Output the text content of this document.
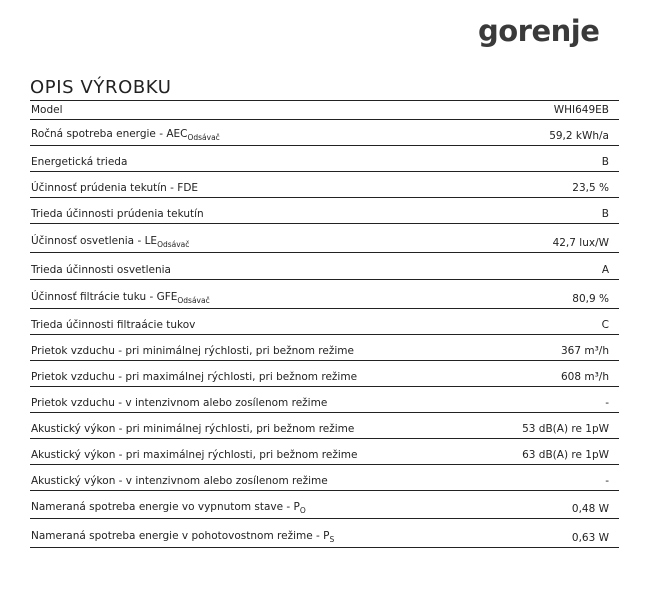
gorenje
OPIS VÝROBKU
Model	WHI649EB
Ročná spotreba energie - $AEC_{Odsávač}$	59,2 kWh/a
Energetická trieda	B
Účinnosť prúdenia tekutín - FDE	23,5 %
Trieda účinnosti prúdenia tekutín	B
Účinnosť osvetlenia - $LE_{Odsávač}$	42,7 lux/W
Trieda účinnosti osvetlenia	A
Účinnosť filtrácie tuku - $GFE_{Odsávač}$	80,9 %
Trieda účinnosti filtraácie tukov	C
Prietok vzduchu - pri minimálnej rýchlosti, pri bežnom režime	367 m³/h
Prietok vzduchu - pri maximálnej rýchlosti, pri bežnom režime	608 m³/h
Prietok vzduchu - v intenzivnom alebo zosílenom režime	-
Akustický výkon - pri minimálnej rýchlosti, pri bežnom režime	53 dB(A) re 1pW
Akustický výkon - pri maximálnej rýchlosti, pri bežnom režime	63 dB(A) re 1pW
Akustický výkon - v intenzivnom alebo zosílenom režime	-
Nameraná spotreba energie vo vypnutom stave - $P_O$	0,48 W
Nameraná spotreba energie v pohotovostnom režime - $P_S$	0,63 W
